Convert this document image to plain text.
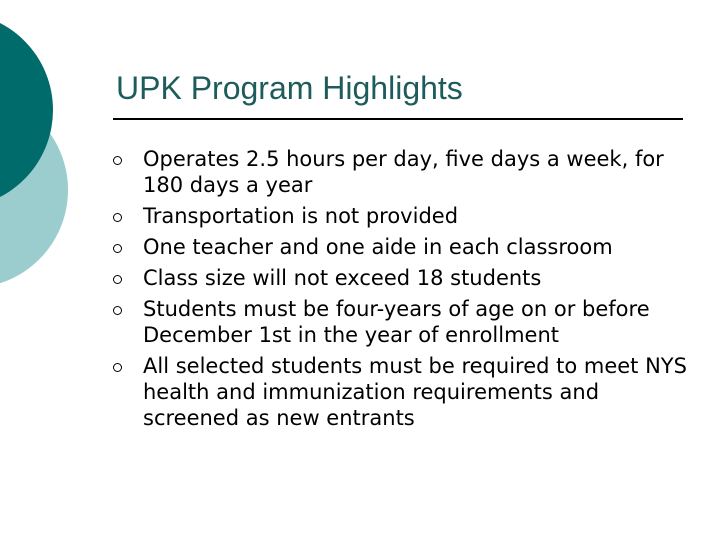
UPK Program Highlights
Operates 2.5 hours per day, five days a week, for 180 days a year
Transportation is not provided
One teacher and one aide in each classroom
Class size will not exceed 18 students
Students must be four-years of age on or before December 1st in the year of enrollment
All selected students must be required to meet NYS health and immunization requirements and screened as new entrants
